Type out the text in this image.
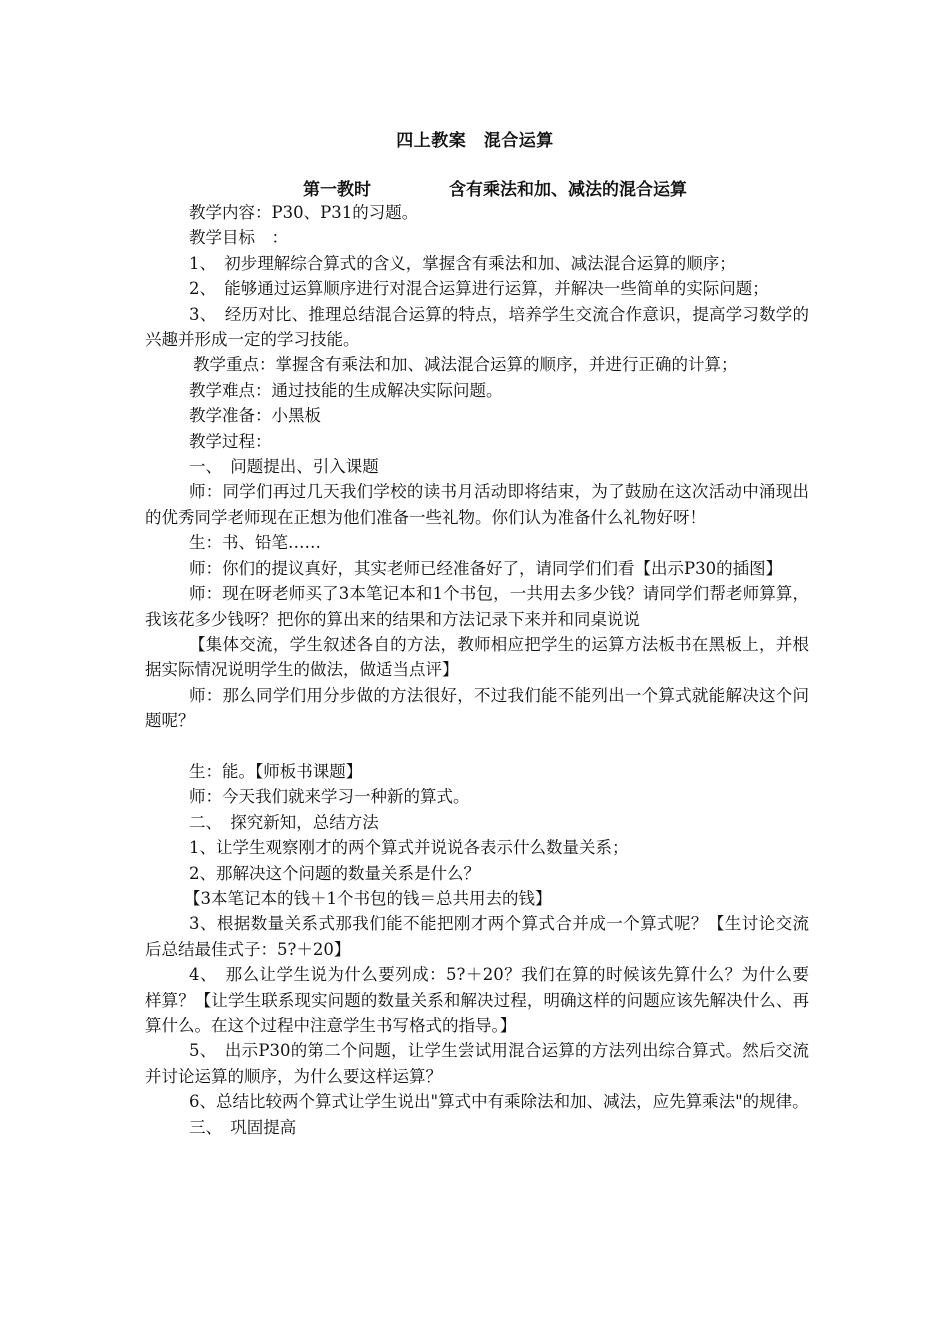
四上教案　混合运算
第一教时	含有乘法和加、减法的混合运算

教学内容：P30、P31的习题。

教学目标　：

1、　初步理解综合算式的含义，掌握含有乘法和加、减法混合运算的顺序；

2、　能够通过运算顺序进行对混合运算进行运算，并解决一些简单的实际问题；

3、　经历对比、推理总结混合运算的特点，培养学生交流合作意识，提高学习数学的兴趣并形成一定的学习技能。

教学重点：掌握含有乘法和加、减法混合运算的顺序，并进行正确的计算；

教学难点：通过技能的生成解决实际问题。

教学准备：小黑板

教学过程：

一、　问题提出、引入课题

师：同学们再过几天我们学校的读书月活动即将结束，为了鼓励在这次活动中涌现出的优秀同学老师现在正想为他们准备一些礼物。你们认为准备什么礼物好呀！

生：书、铅笔……

师：你们的提议真好，其实老师已经准备好了，请同学们们看【出示P30的插图】

师：现在呀老师买了3本笔记本和1个书包，一共用去多少钱？请同学们帮老师算算，我该花多少钱呀？把你的算出来的结果和方法记录下来并和同桌说说

【集体交流，学生叙述各自的方法，教师相应把学生的运算方法板书在黑板上，并根据实际情况说明学生的做法，做适当点评】

师：那么同学们用分步做的方法很好，不过我们能不能列出一个算式就能解决这个问题呢？

生：能。【师板书课题】

师：今天我们就来学习一种新的算式。

二、　探究新知，总结方法

1、让学生观察刚才的两个算式并说说各表示什么数量关系；

2、那解决这个问题的数量关系是什么？

【3本笔记本的钱＋1个书包的钱＝总共用去的钱】

3、根据数量关系式那我们能不能把刚才两个算式合并成一个算式呢？【生讨论交流后总结最佳式子：5?＋20】

4、　那么让学生说为什么要列成：5?＋20？我们在算的时候该先算什么？为什么要样算？【让学生联系现实问题的数量关系和解决过程，明确这样的问题应该先解决什么、再算什么。在这个过程中注意学生书写格式的指导。】

5、　出示P30的第二个问题，让学生尝试用混合运算的方法列出综合算式。然后交流并讨论运算的顺序，为什么要这样运算？

6、总结比较两个算式让学生说出"算式中有乘除法和加、减法，应先算乘法"的规律。

三、　巩固提高
